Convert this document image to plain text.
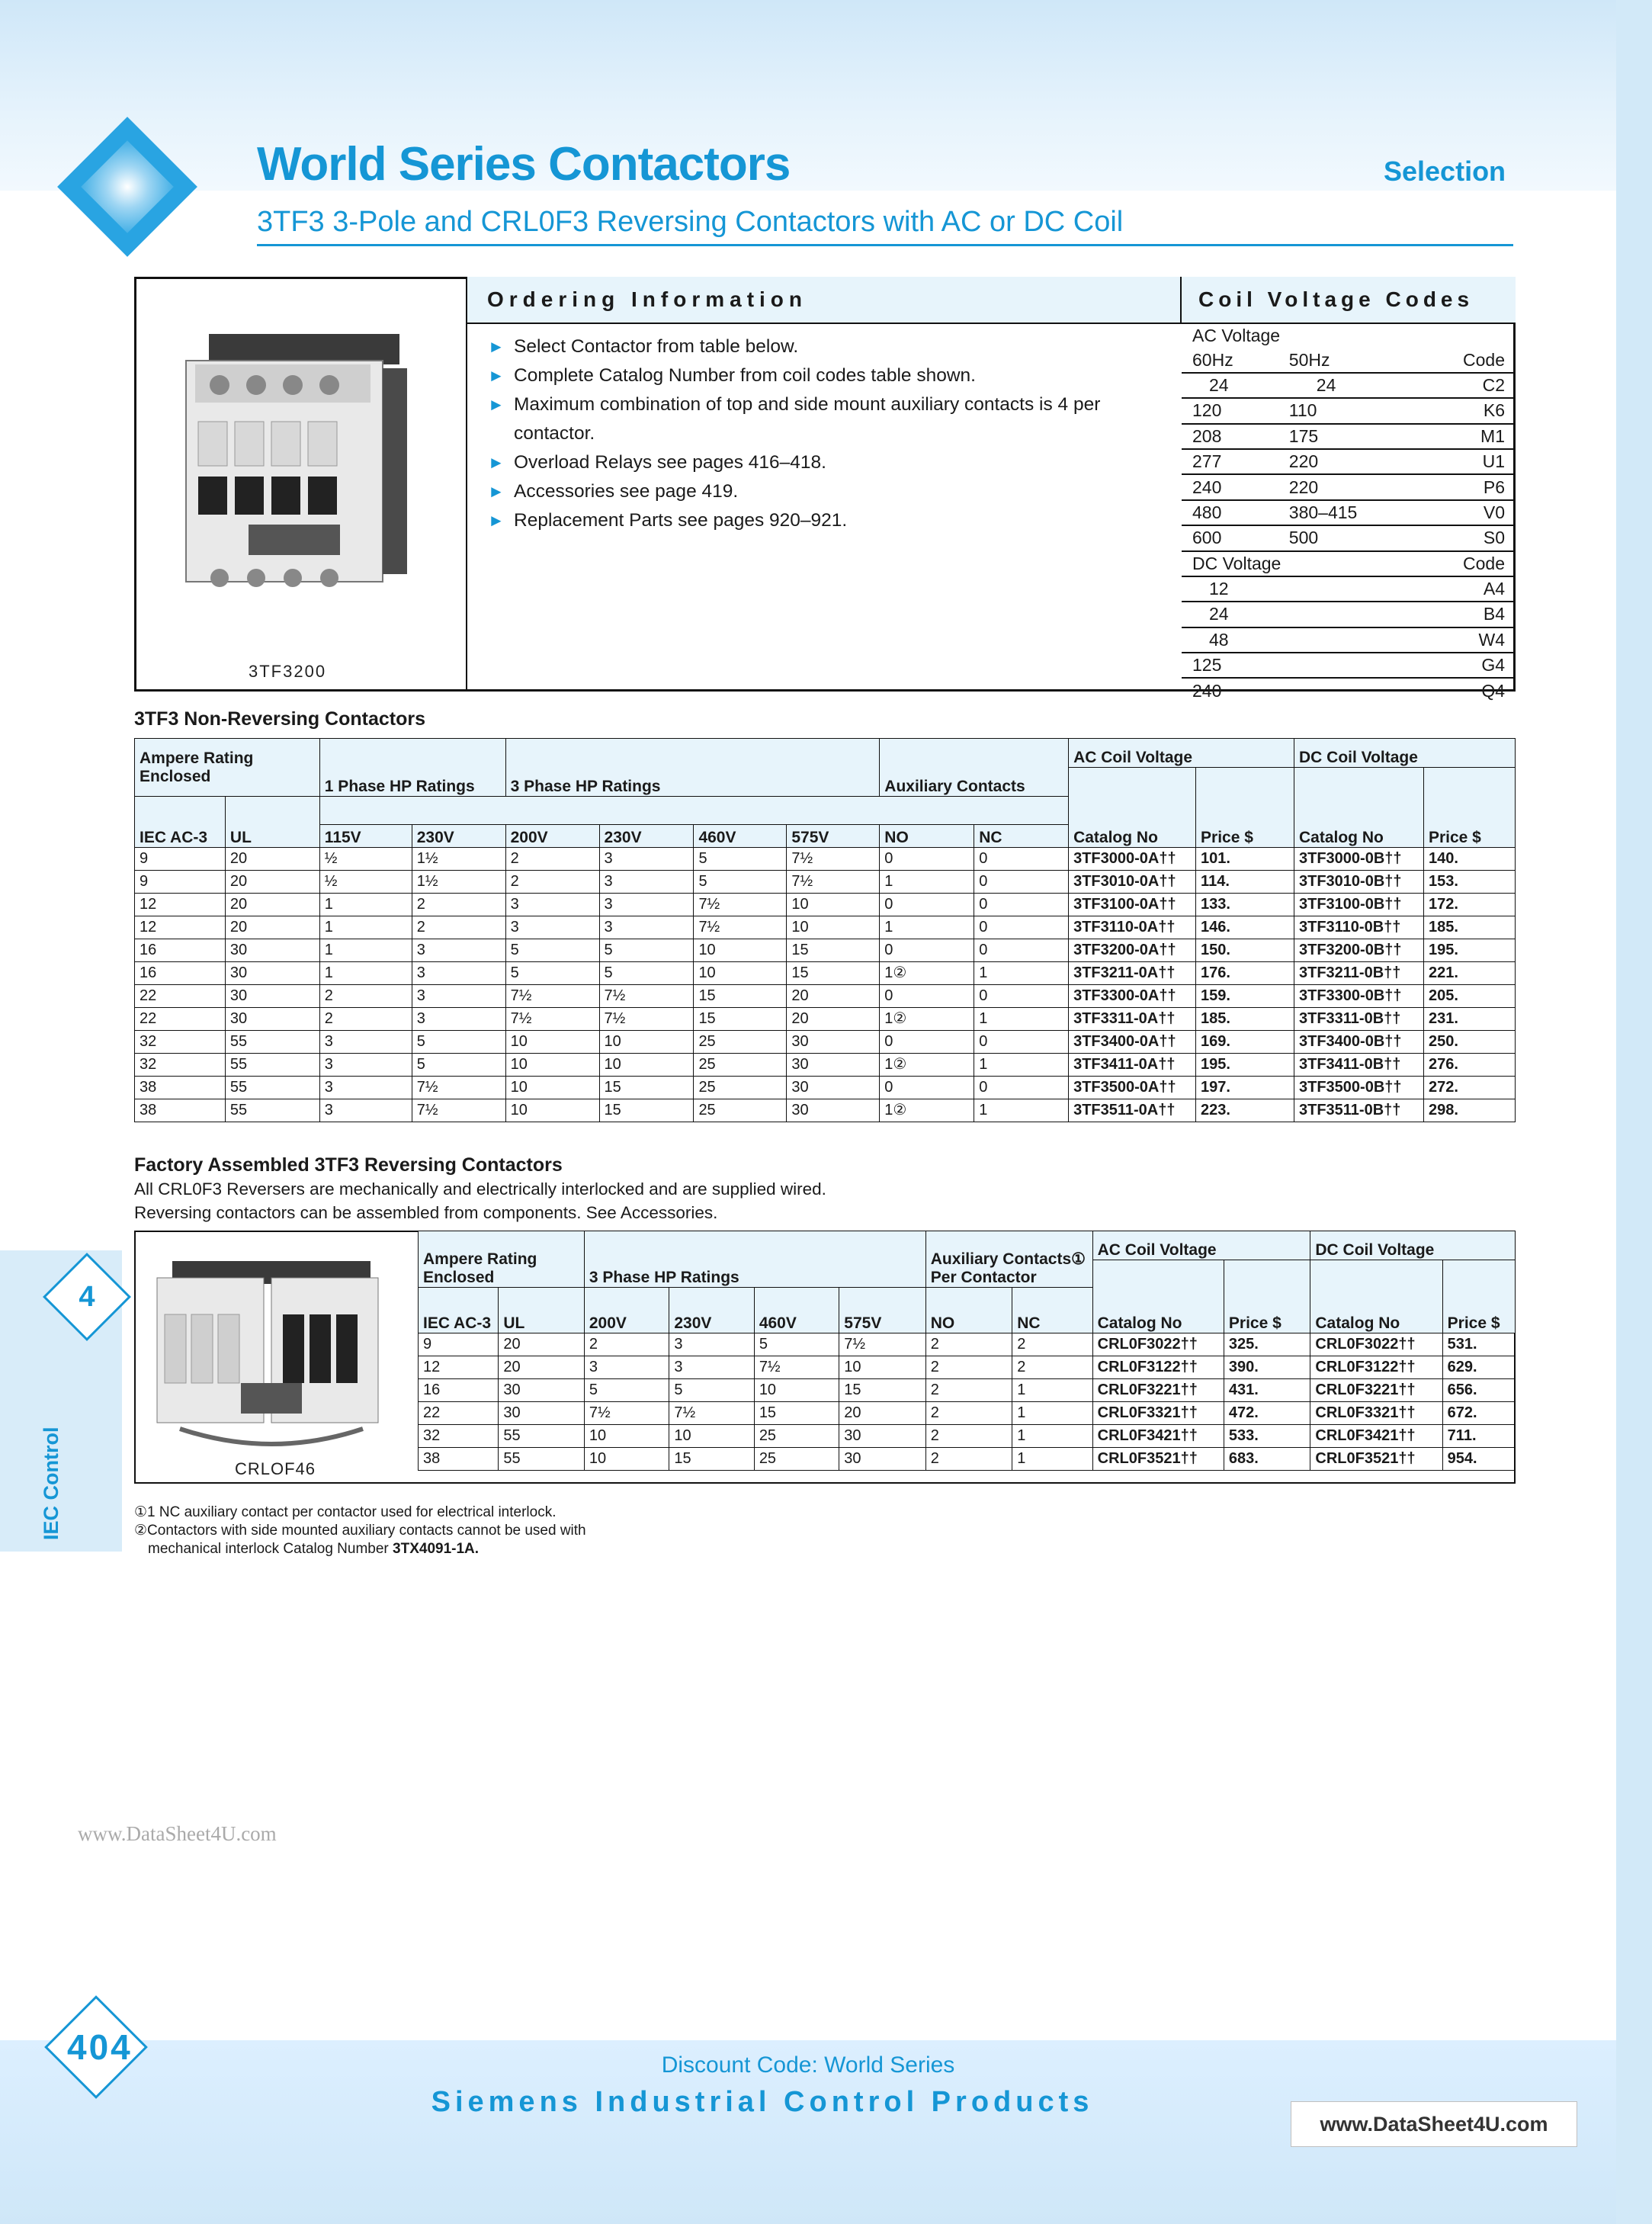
World Series Contactors	Selection
3TF3 3-Pole and CRL0F3 Reversing Contactors with AC or DC Coil
3TF3200
Ordering Information	Coil Voltage Codes
► Select Contactor from table below.
► Complete Catalog Number from coil codes table shown.
► Maximum combination of top and side mount auxiliary contacts is 4 per contactor.
► Overload Relays see pages 416–418.
► Accessories see page 419.
► Replacement Parts see pages 920–921.
AC Voltage		
60Hz	50Hz	Code
24	24	C2
120	110	K6
208	175	M1
277	220	U1
240	220	P6
480	380–415	V0
600	500	S0
DC Voltage		Code
12		A4
24		B4
48		W4
125		G4
240		Q4
3TF3 Non-Reversing Contactors
Ampere Rating Enclosed		1 Phase HP Ratings		3 Phase HP Ratings				Auxiliary Contacts		AC Coil Voltage		DC Coil Voltage	
										Catalog No	Price $	Catalog No	Price $
IEC AC-3	UL												
		115V	230V	200V	230V	460V	575V	NO	NC				
9	20	½	1½	2	3	5	7½	0	0	3TF3000-0A††	101.	3TF3000-0B††	140.
9	20	½	1½	2	3	5	7½	1	0	3TF3010-0A††	114.	3TF3010-0B††	153.
12	20	1	2	3	3	7½	10	0	0	3TF3100-0A††	133.	3TF3100-0B††	172.
12	20	1	2	3	3	7½	10	1	0	3TF3110-0A††	146.	3TF3110-0B††	185.
16	30	1	3	5	5	10	15	0	0	3TF3200-0A††	150.	3TF3200-0B††	195.
16	30	1	3	5	5	10	15	1②	1	3TF3211-0A††	176.	3TF3211-0B††	221.
22	30	2	3	7½	7½	15	20	0	0	3TF3300-0A††	159.	3TF3300-0B††	205.
22	30	2	3	7½	7½	15	20	1②	1	3TF3311-0A††	185.	3TF3311-0B††	231.
32	55	3	5	10	10	25	30	0	0	3TF3400-0A††	169.	3TF3400-0B††	250.
32	55	3	5	10	10	25	30	1②	1	3TF3411-0A††	195.	3TF3411-0B††	276.
38	55	3	7½	10	15	25	30	0	0	3TF3500-0A††	197.	3TF3500-0B††	272.
38	55	3	7½	10	15	25	30	1②	1	3TF3511-0A††	223.	3TF3511-0B††	298.
Factory Assembled 3TF3 Reversing Contactors
All CRL0F3 Reversers are mechanically and electrically interlocked and are supplied wired.
Reversing contactors can be assembled from components. See Accessories.
CRLOF46
Ampere Rating Enclosed		3 Phase HP Ratings				Auxiliary Contacts① Per Contactor		AC Coil Voltage		DC Coil Voltage	
								Catalog No	Price $	Catalog No	Price $
IEC AC-3	UL	200V	230V	460V	575V	NO	NC				
9	20	2	3	5	7½	2	2	CRL0F3022††	325.	CRL0F3022††	531.
12	20	3	3	7½	10	2	2	CRL0F3122††	390.	CRL0F3122††	629.
16	30	5	5	10	15	2	1	CRL0F3221††	431.	CRL0F3221††	656.
22	30	7½	7½	15	20	2	1	CRL0F3321††	472.	CRL0F3321††	672.
32	55	10	10	25	30	2	1	CRL0F3421††	533.	CRL0F3421††	711.
38	55	10	15	25	30	2	1	CRL0F3521††	683.	CRL0F3521††	954.
①1 NC auxiliary contact per contactor used for electrical interlock.
②Contactors with side mounted auxiliary contacts cannot be used with mechanical interlock Catalog Number 3TX4091-1A.
4
IEC Control
www.DataSheet4U.com
404	Discount Code: World Series
Siemens Industrial Control Products
www.DataSheet4U.com
